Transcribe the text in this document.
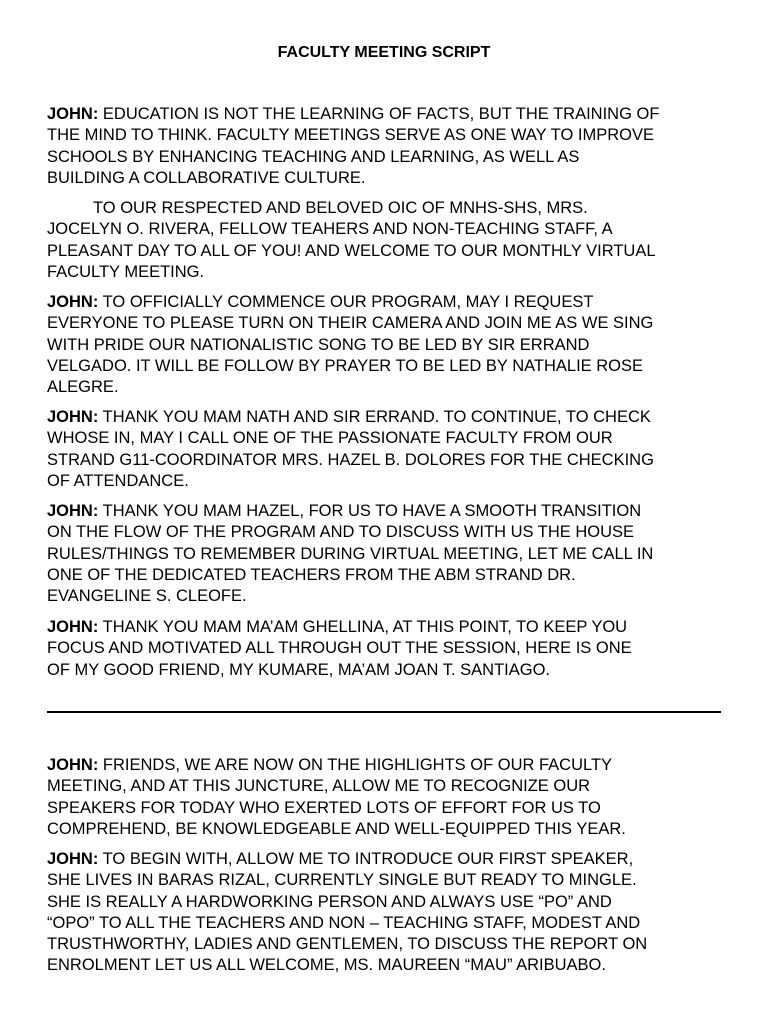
FACULTY MEETING SCRIPT

JOHN: EDUCATION IS NOT THE LEARNING OF FACTS, BUT THE TRAINING OF
THE MIND TO THINK. FACULTY MEETINGS SERVE AS ONE WAY TO IMPROVE
SCHOOLS BY ENHANCING TEACHING AND LEARNING, AS WELL AS
BUILDING A COLLABORATIVE CULTURE.

TO OUR RESPECTED AND BELOVED OIC OF MNHS-SHS, MRS.
JOCELYN O. RIVERA, FELLOW TEAHERS AND NON-TEACHING STAFF, A
PLEASANT DAY TO ALL OF YOU! AND WELCOME TO OUR MONTHLY VIRTUAL
FACULTY MEETING.

JOHN: TO OFFICIALLY COMMENCE OUR PROGRAM, MAY I REQUEST
EVERYONE TO PLEASE TURN ON THEIR CAMERA AND JOIN ME AS WE SING
WITH PRIDE OUR NATIONALISTIC SONG TO BE LED BY SIR ERRAND
VELGADO. IT WILL BE FOLLOW BY PRAYER TO BE LED BY NATHALIE ROSE
ALEGRE.

JOHN: THANK YOU MAM NATH AND SIR ERRAND. TO CONTINUE, TO CHECK
WHOSE IN, MAY I CALL ONE OF THE PASSIONATE FACULTY FROM OUR
STRAND G11-COORDINATOR MRS. HAZEL B. DOLORES FOR THE CHECKING
OF ATTENDANCE.

JOHN: THANK YOU MAM HAZEL, FOR US TO HAVE A SMOOTH TRANSITION
ON THE FLOW OF THE PROGRAM AND TO DISCUSS WITH US THE HOUSE
RULES/THINGS TO REMEMBER DURING VIRTUAL MEETING, LET ME CALL IN
ONE OF THE DEDICATED TEACHERS FROM THE ABM STRAND DR.
EVANGELINE S. CLEOFE.

JOHN: THANK YOU MAM MA’AM GHELLINA, AT THIS POINT, TO KEEP YOU
FOCUS AND MOTIVATED ALL THROUGH OUT THE SESSION, HERE IS ONE
OF MY GOOD FRIEND, MY KUMARE, MA’AM JOAN T. SANTIAGO.

JOHN: FRIENDS, WE ARE NOW ON THE HIGHLIGHTS OF OUR FACULTY
MEETING, AND AT THIS JUNCTURE, ALLOW ME TO RECOGNIZE OUR
SPEAKERS FOR TODAY WHO EXERTED LOTS OF EFFORT FOR US TO
COMPREHEND, BE KNOWLEDGEABLE AND WELL-EQUIPPED THIS YEAR.

JOHN: TO BEGIN WITH, ALLOW ME TO INTRODUCE OUR FIRST SPEAKER,
SHE LIVES IN BARAS RIZAL, CURRENTLY SINGLE BUT READY TO MINGLE.
SHE IS REALLY A HARDWORKING PERSON AND ALWAYS USE “PO” AND
“OPO” TO ALL THE TEACHERS AND NON – TEACHING STAFF, MODEST AND
TRUSTHWORTHY, LADIES AND GENTLEMEN, TO DISCUSS THE REPORT ON
ENROLMENT LET US ALL WELCOME, MS. MAUREEN “MAU” ARIBUABO.
